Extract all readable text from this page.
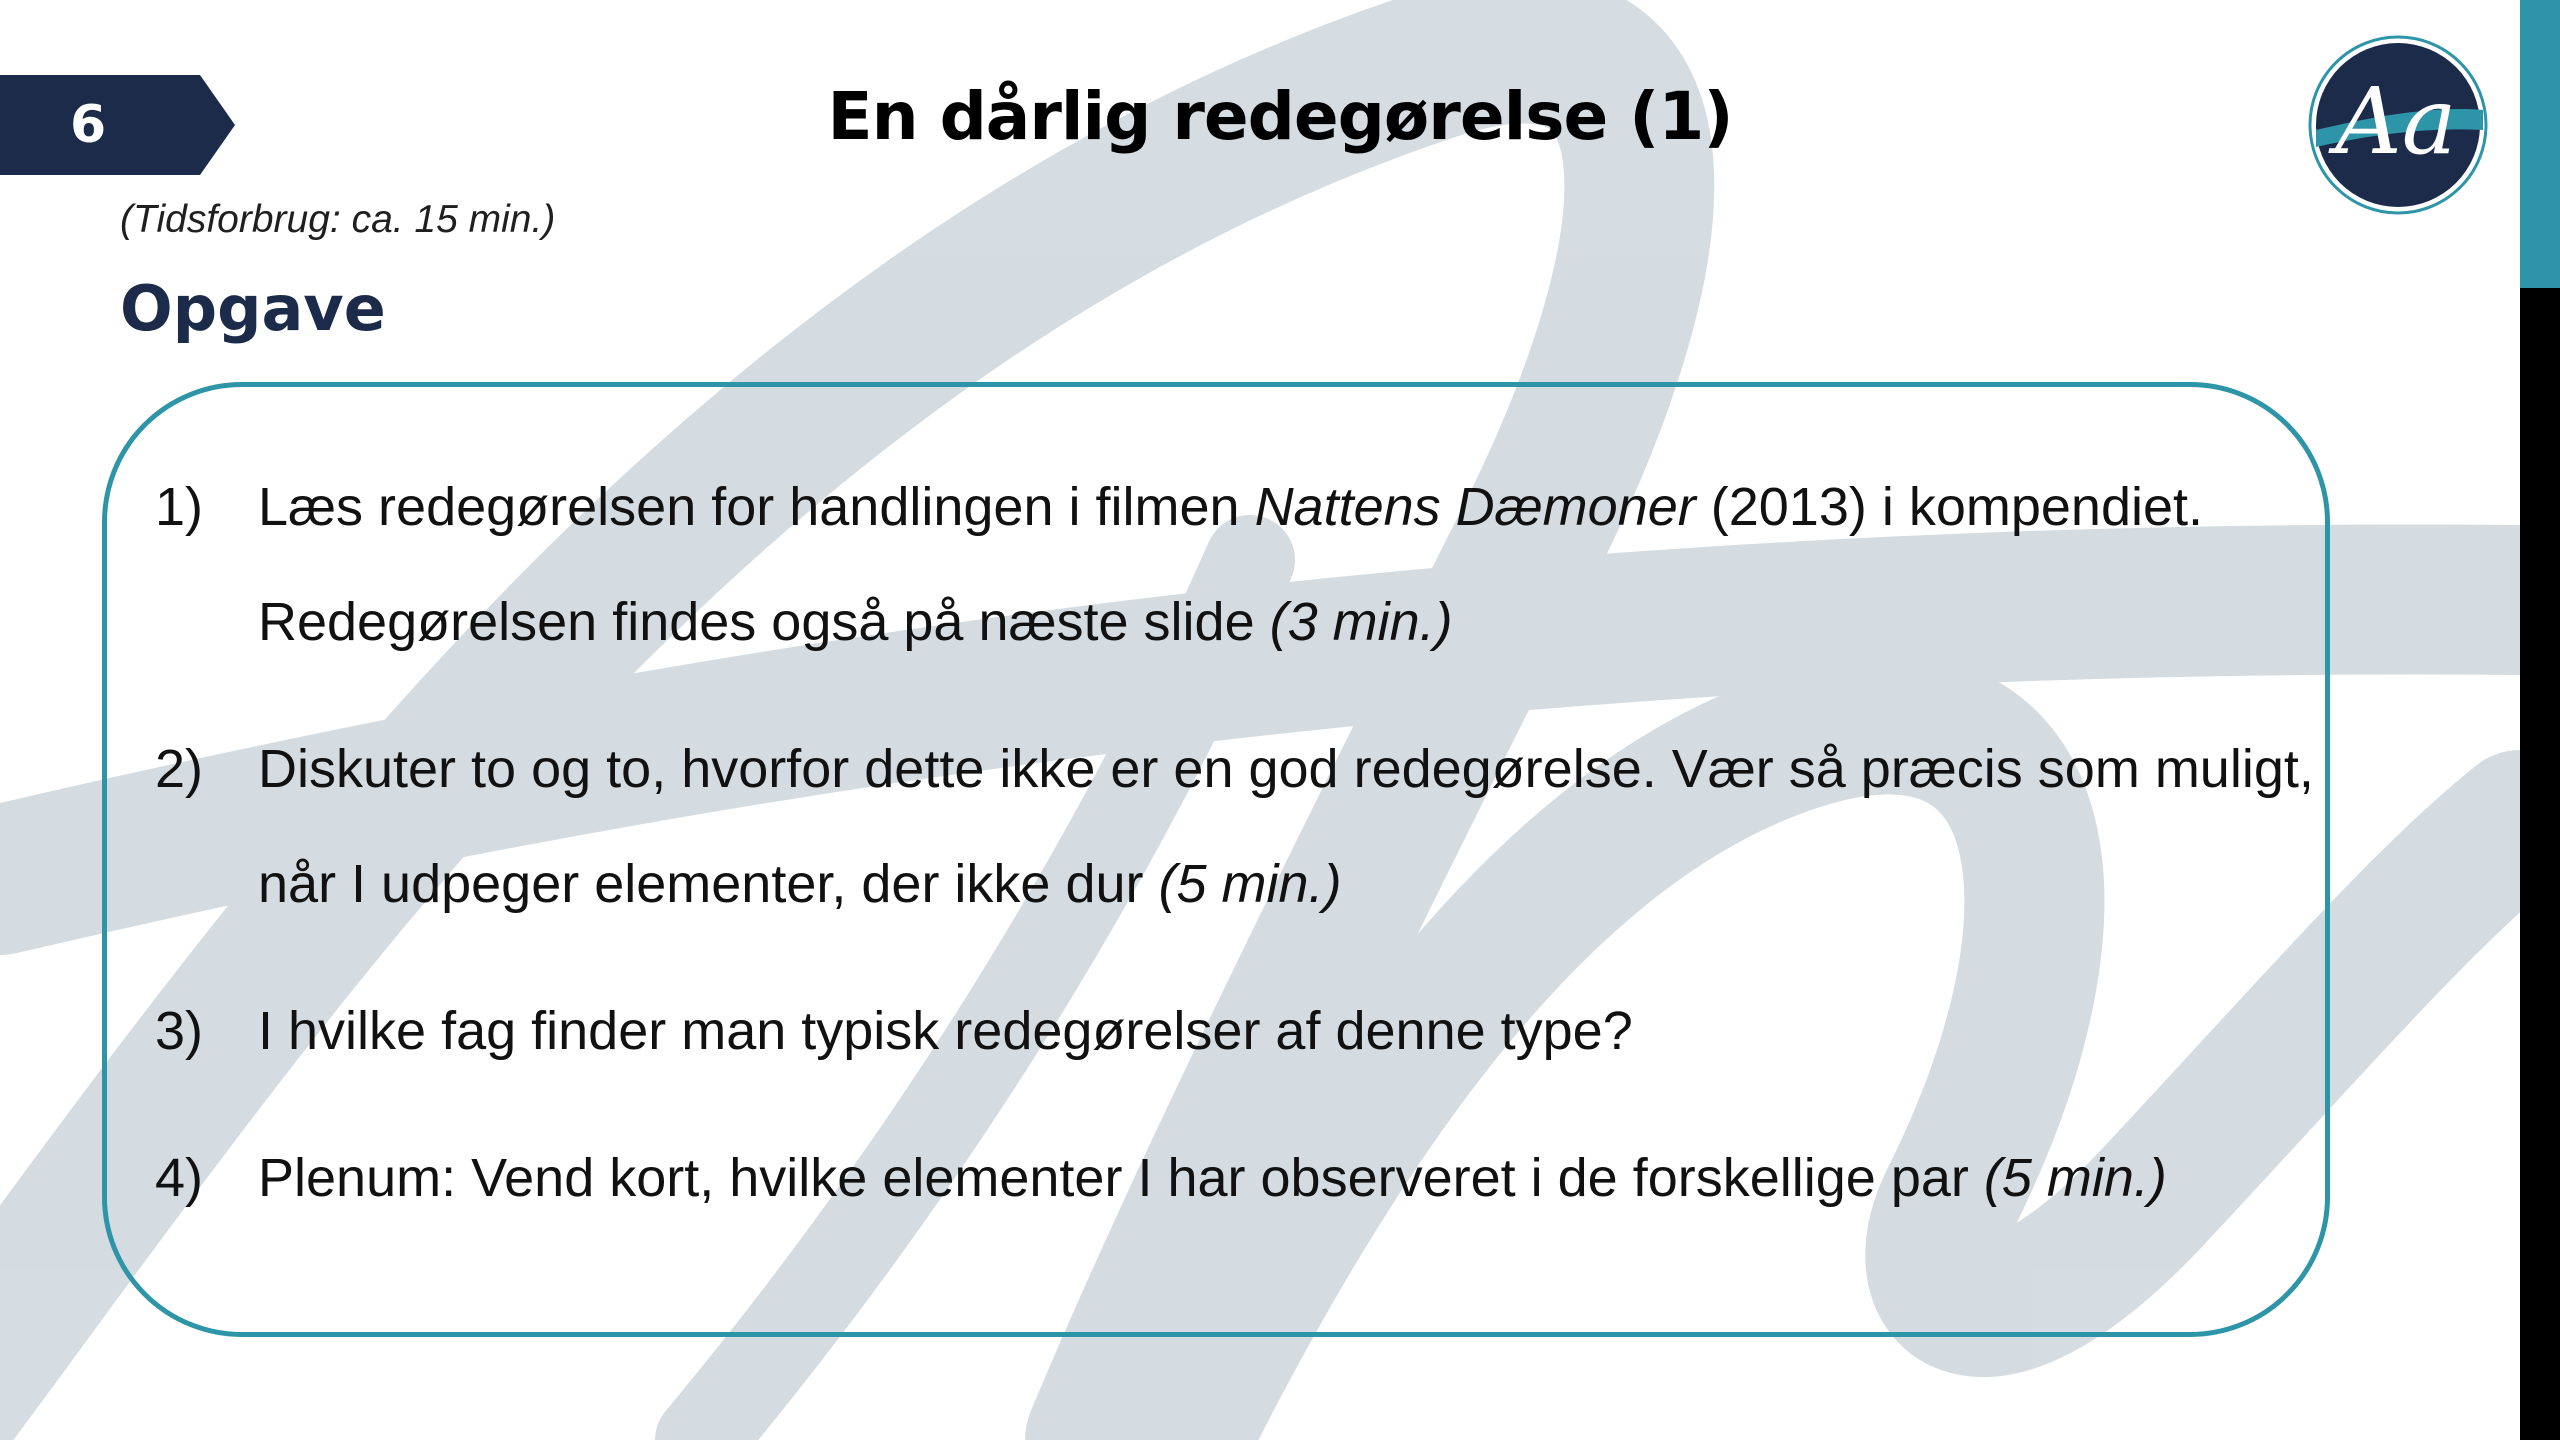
6	En dårlig redegørelse (1)	Aa
(Tidsforbrug: ca. 15 min.)
Opgave
1) Læs redegørelsen for handlingen i filmen Nattens Dæmoner (2013) i kompendiet. Redegørelsen findes også på næste slide (3 min.)
2) Diskuter to og to, hvorfor dette ikke er en god redegørelse. Vær så præcis som muligt, når I udpeger elementer, der ikke dur (5 min.)
3) I hvilke fag finder man typisk redegørelser af denne type?
4) Plenum: Vend kort, hvilke elementer I har observeret i de forskellige par (5 min.)
